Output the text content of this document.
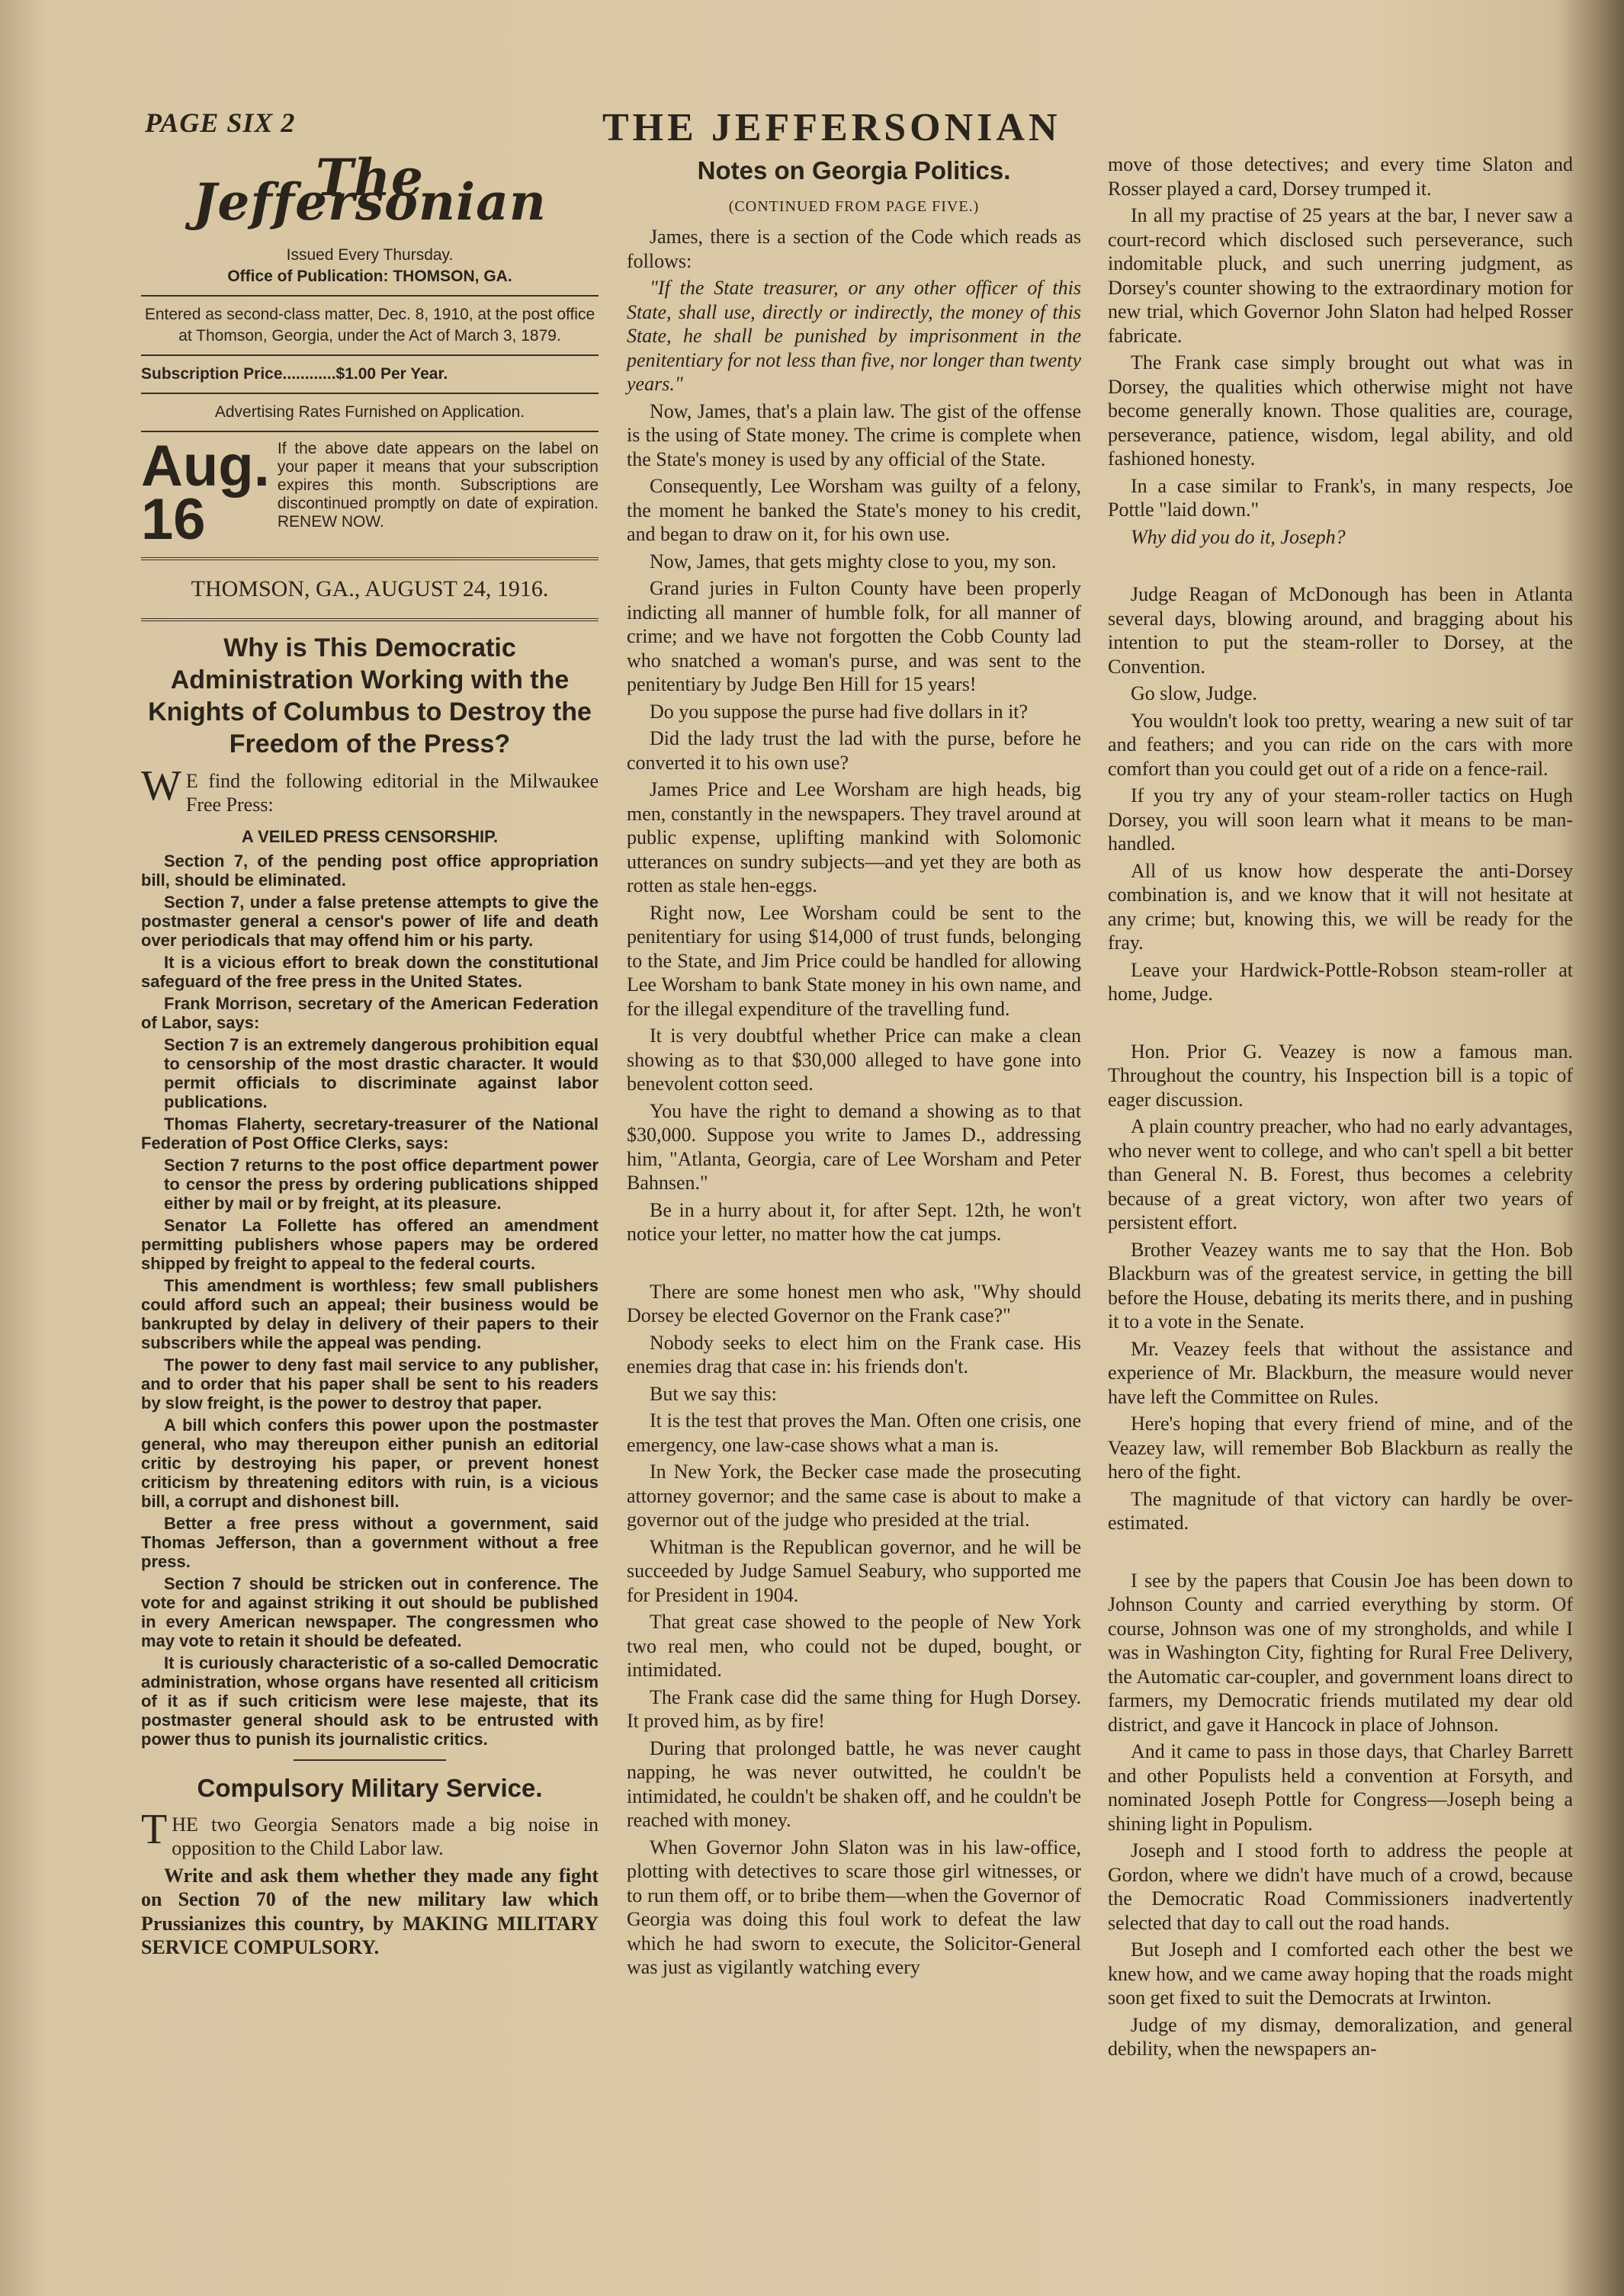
PAGE SIX 2	THE JEFFERSONIAN
The Jeffersonian
Issued Every Thursday.
Office of Publication: THOMSON, GA.
Entered as second-class matter, Dec. 8, 1910, at the post office at Thomson, Georgia, under the Act of March 3, 1879.
Subscription Price............$1.00 Per Year.
Advertising Rates Furnished on Application.
Aug. 16
If the above date appears on the label on your paper it means that your subscription expires this month. Subscriptions are discontinued promptly on date of expiration. RENEW NOW.
THOMSON, GA., AUGUST 24, 1916.
Why is This Democratic Administration Working with the Knights of Columbus to Destroy the Freedom of the Press?

WE find the following editorial in the Milwaukee Free Press:

A VEILED PRESS CENSORSHIP.

Section 7, of the pending post office appropriation bill, should be eliminated.

Section 7, under a false pretense attempts to give the postmaster general a censor's power of life and death over periodicals that may offend him or his party.

It is a vicious effort to break down the constitutional safeguard of the free press in the United States.

Frank Morrison, secretary of the American Federation of Labor, says:

Section 7 is an extremely dangerous prohibition equal to censorship of the most drastic character. It would permit officials to discriminate against labor publications.

Thomas Flaherty, secretary-treasurer of the National Federation of Post Office Clerks, says:

Section 7 returns to the post office department power to censor the press by ordering publications shipped either by mail or by freight, at its pleasure.

Senator La Follette has offered an amendment permitting publishers whose papers may be ordered shipped by freight to appeal to the federal courts.

This amendment is worthless; few small publishers could afford such an appeal; their business would be bankrupted by delay in delivery of their papers to their subscribers while the appeal was pending.

The power to deny fast mail service to any publisher, and to order that his paper shall be sent to his readers by slow freight, is the power to destroy that paper.

A bill which confers this power upon the postmaster general, who may thereupon either punish an editorial critic by destroying his paper, or prevent honest criticism by threatening editors with ruin, is a vicious bill, a corrupt and dishonest bill.

Better a free press without a government, said Thomas Jefferson, than a government without a free press.

Section 7 should be stricken out in conference. The vote for and against striking it out should be published in every American newspaper. The congressmen who may vote to retain it should be defeated.

It is curiously characteristic of a so-called Democratic administration, whose organs have resented all criticism of it as if such criticism were lese majeste, that its postmaster general should ask to be entrusted with power thus to punish its journalistic critics.

Compulsory Military Service.

THE two Georgia Senators made a big noise in opposition to the Child Labor law.

Write and ask them whether they made any fight on Section 70 of the new military law which Prussianizes this country, by MAKING MILITARY SERVICE COMPULSORY.

Notes on Georgia Politics.
(CONTINUED FROM PAGE FIVE.)

James, there is a section of the Code which reads as follows:

"If the State treasurer, or any other officer of this State, shall use, directly or indirectly, the money of this State, he shall be punished by imprisonment in the penitentiary for not less than five, nor longer than twenty years."

Now, James, that's a plain law. The gist of the offense is the using of State money. The crime is complete when the State's money is used by any official of the State.

Consequently, Lee Worsham was guilty of a felony, the moment he banked the State's money to his credit, and began to draw on it, for his own use.

Now, James, that gets mighty close to you, my son.

Grand juries in Fulton County have been properly indicting all manner of humble folk, for all manner of crime; and we have not forgotten the Cobb County lad who snatched a woman's purse, and was sent to the penitentiary by Judge Ben Hill for 15 years!

Do you suppose the purse had five dollars in it?

Did the lady trust the lad with the purse, before he converted it to his own use?

James Price and Lee Worsham are high heads, big men, constantly in the newspapers. They travel around at public expense, uplifting mankind with Solomonic utterances on sundry subjects—and yet they are both as rotten as stale hen-eggs.

Right now, Lee Worsham could be sent to the penitentiary for using $14,000 of trust funds, belonging to the State, and Jim Price could be handled for allowing Lee Worsham to bank State money in his own name, and for the illegal expenditure of the travelling fund.

It is very doubtful whether Price can make a clean showing as to that $30,000 alleged to have gone into benevolent cotton seed.

You have the right to demand a showing as to that $30,000. Suppose you write to James D., addressing him, "Atlanta, Georgia, care of Lee Worsham and Peter Bahnsen."

Be in a hurry about it, for after Sept. 12th, he won't notice your letter, no matter how the cat jumps.

There are some honest men who ask, "Why should Dorsey be elected Governor on the Frank case?"

Nobody seeks to elect him on the Frank case. His enemies drag that case in: his friends don't.

But we say this:

It is the test that proves the Man. Often one crisis, one emergency, one law-case shows what a man is.

In New York, the Becker case made the prosecuting attorney governor; and the same case is about to make a governor out of the judge who presided at the trial.

Whitman is the Republican governor, and he will be succeeded by Judge Samuel Seabury, who supported me for President in 1904.

That great case showed to the people of New York two real men, who could not be duped, bought, or intimidated.

The Frank case did the same thing for Hugh Dorsey. It proved him, as by fire!

During that prolonged battle, he was never caught napping, he was never outwitted, he couldn't be intimidated, he couldn't be shaken off, and he couldn't be reached with money.

When Governor John Slaton was in his law-office, plotting with detectives to scare those girl witnesses, or to run them off, or to bribe them—when the Governor of Georgia was doing this foul work to defeat the law which he had sworn to execute, the Solicitor-General was just as vigilantly watching every

move of those detectives; and every time Slaton and Rosser played a card, Dorsey trumped it.

In all my practise of 25 years at the bar, I never saw a court-record which disclosed such perseverance, such indomitable pluck, and such unerring judgment, as Dorsey's counter showing to the extraordinary motion for new trial, which Governor John Slaton had helped Rosser fabricate.

The Frank case simply brought out what was in Dorsey, the qualities which otherwise might not have become generally known. Those qualities are, courage, perseverance, patience, wisdom, legal ability, and old fashioned honesty.

In a case similar to Frank's, in many respects, Joe Pottle "laid down."

Why did you do it, Joseph?

Judge Reagan of McDonough has been in Atlanta several days, blowing around, and bragging about his intention to put the steam-roller to Dorsey, at the Convention.

Go slow, Judge.

You wouldn't look too pretty, wearing a new suit of tar and feathers; and you can ride on the cars with more comfort than you could get out of a ride on a fence-rail.

If you try any of your steam-roller tactics on Hugh Dorsey, you will soon learn what it means to be man-handled.

All of us know how desperate the anti-Dorsey combination is, and we know that it will not hesitate at any crime; but, knowing this, we will be ready for the fray.

Leave your Hardwick-Pottle-Robson steam-roller at home, Judge.

Hon. Prior G. Veazey is now a famous man. Throughout the country, his Inspection bill is a topic of eager discussion.

A plain country preacher, who had no early advantages, who never went to college, and who can't spell a bit better than General N. B. Forest, thus becomes a celebrity because of a great victory, won after two years of persistent effort.

Brother Veazey wants me to say that the Hon. Bob Blackburn was of the greatest service, in getting the bill before the House, debating its merits there, and in pushing it to a vote in the Senate.

Mr. Veazey feels that without the assistance and experience of Mr. Blackburn, the measure would never have left the Committee on Rules.

Here's hoping that every friend of mine, and of the Veazey law, will remember Bob Blackburn as really the hero of the fight.

The magnitude of that victory can hardly be over-estimated.

I see by the papers that Cousin Joe has been down to Johnson County and carried everything by storm. Of course, Johnson was one of my strongholds, and while I was in Washington City, fighting for Rural Free Delivery, the Automatic car-coupler, and government loans direct to farmers, my Democratic friends mutilated my dear old district, and gave it Hancock in place of Johnson.

And it came to pass in those days, that Charley Barrett and other Populists held a convention at Forsyth, and nominated Joseph Pottle for Congress—Joseph being a shining light in Populism.

Joseph and I stood forth to address the people at Gordon, where we didn't have much of a crowd, because the Democratic Road Commissioners inadvertently selected that day to call out the road hands.

But Joseph and I comforted each other the best we knew how, and we came away hoping that the roads might soon get fixed to suit the Democrats at Irwinton.

Judge of my dismay, demoralization, and general debility, when the newspapers an-
